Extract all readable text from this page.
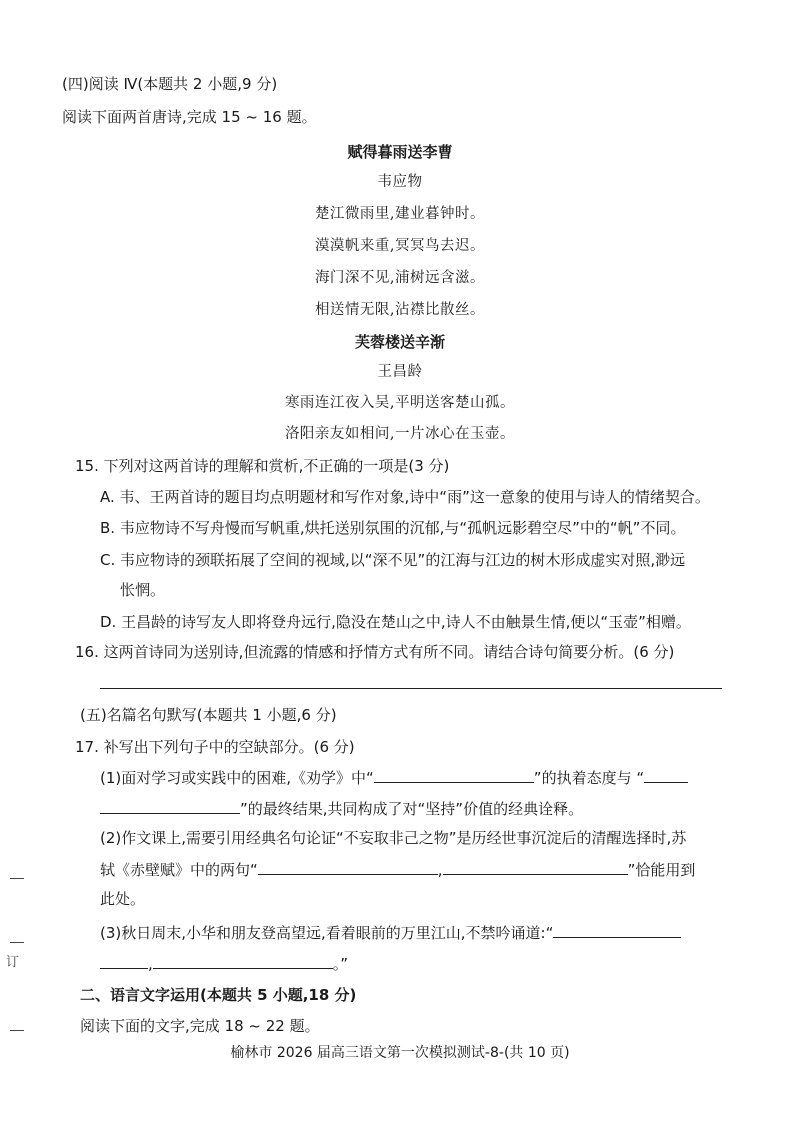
(四)阅读 Ⅳ(本题共 2 小题,9 分)
阅读下面两首唐诗,完成 15 ~ 16 题。
赋得暮雨送李曹
韦应物
楚江微雨里,建业暮钟时。
漠漠帆来重,冥冥鸟去迟。
海门深不见,浦树远含滋。
相送情无限,沾襟比散丝。
芙蓉楼送辛渐
王昌龄
寒雨连江夜入吴,平明送客楚山孤。
洛阳亲友如相问,一片冰心在玉壶。
15. 下列对这两首诗的理解和赏析,不正确的一项是(3 分)
A. 韦、王两首诗的题目均点明题材和写作对象,诗中“雨”这一意象的使用与诗人的情绪契合。
B. 韦应物诗不写舟慢而写帆重,烘托送别氛围的沉郁,与“孤帆远影碧空尽”中的“帆”不同。
C. 韦应物诗的颈联拓展了空间的视域,以“深不见”的江海与江边的树木形成虚实对照,渺远
怅惘。
D. 王昌龄的诗写友人即将登舟远行,隐没在楚山之中,诗人不由触景生情,便以“玉壶”相赠。
16. 这两首诗同为送别诗,但流露的情感和抒情方式有所不同。请结合诗句简要分析。(6 分)
(五)名篇名句默写(本题共 1 小题,6 分)
17. 补写出下列句子中的空缺部分。(6 分)
(1)面对学习或实践中的困难,《劝学》中“	”的执着态度与 “
”的最终结果,共同构成了对“坚持”价值的经典诠释。
(2)作文课上,需要引用经典名句论证“不妄取非己之物”是历经世事沉淀后的清醒选择时,苏
轼《赤壁赋》中的两句“	,	”恰能用到
此处。
(3)秋日周末,小华和朋友登高望远,看着眼前的万里江山,不禁吟诵道:“
,	。”
二、语言文字运用(本题共 5 小题,18 分)
阅读下面的文字,完成 18 ~ 22 题。
榆林市 2026 届高三语文第一次模拟测试-8-(共 10 页)
订
